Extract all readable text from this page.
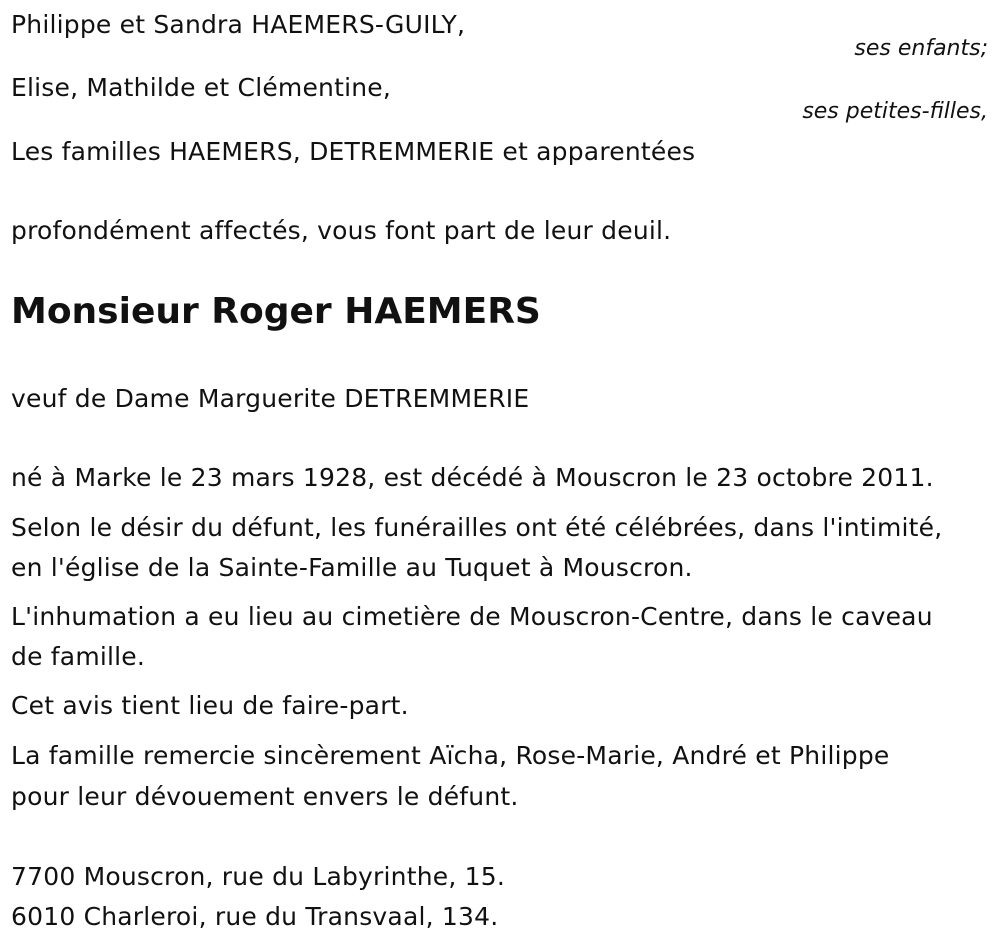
Philippe et Sandra HAEMERS-GUILY,
ses enfants;
Elise, Mathilde et Clémentine,
ses petites-filles,
Les familles HAEMERS, DETREMMERIE et apparentées
profondément affectés, vous font part de leur deuil.
Monsieur Roger HAEMERS
veuf de Dame Marguerite DETREMMERIE
né à Marke le 23 mars 1928, est décédé à Mouscron le 23 octobre 2011.
Selon le désir du défunt, les funérailles ont été célébrées, dans l'intimité,
en l'église de la Sainte-Famille au Tuquet à Mouscron.
L'inhumation a eu lieu au cimetière de Mouscron-Centre, dans le caveau
de famille.
Cet avis tient lieu de faire-part.
La famille remercie sincèrement Aïcha, Rose-Marie, André et Philippe
pour leur dévouement envers le défunt.
7700 Mouscron, rue du Labyrinthe, 15.
6010 Charleroi, rue du Transvaal, 134.
